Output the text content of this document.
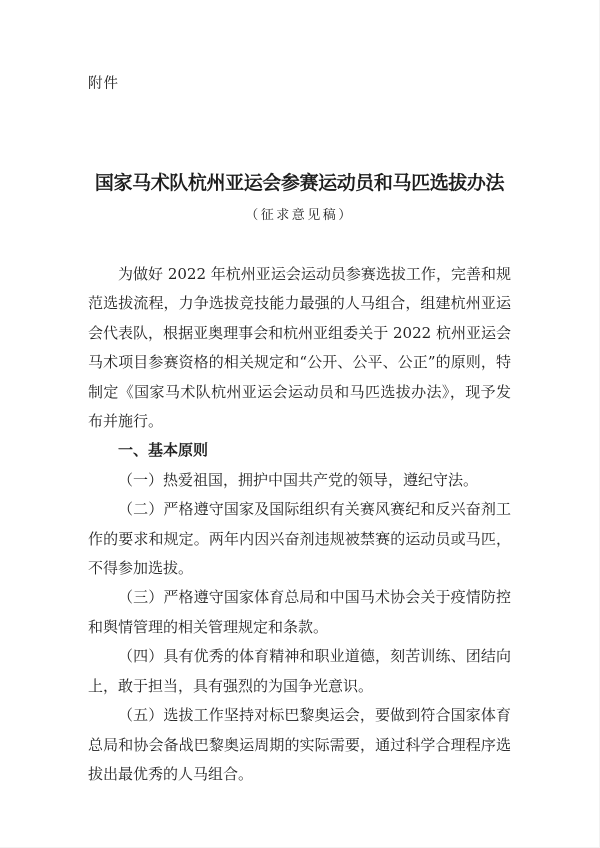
附件
国家马术队杭州亚运会参赛运动员和马匹选拔办法
（征求意见稿）

为做好 2022 年杭州亚运会运动员参赛选拔工作，完善和规范选拔流程，力争选拔竞技能力最强的人马组合，组建杭州亚运会代表队，根据亚奥理事会和杭州亚组委关于 2022 杭州亚运会马术项目参赛资格的相关规定和“公开、公平、公正”的原则，特制定《国家马术队杭州亚运会运动员和马匹选拔办法》，现予发布并施行。

一、基本原则

（一）热爱祖国，拥护中国共产党的领导，遵纪守法。

（二）严格遵守国家及国际组织有关赛风赛纪和反兴奋剂工作的要求和规定。两年内因兴奋剂违规被禁赛的运动员或马匹，不得参加选拔。

（三）严格遵守国家体育总局和中国马术协会关于疫情防控和舆情管理的相关管理规定和条款。

（四）具有优秀的体育精神和职业道德，刻苦训练、团结向上，敢于担当，具有强烈的为国争光意识。

（五）选拔工作坚持对标巴黎奥运会，要做到符合国家体育总局和协会备战巴黎奥运周期的实际需要，通过科学合理程序选拔出最优秀的人马组合。
